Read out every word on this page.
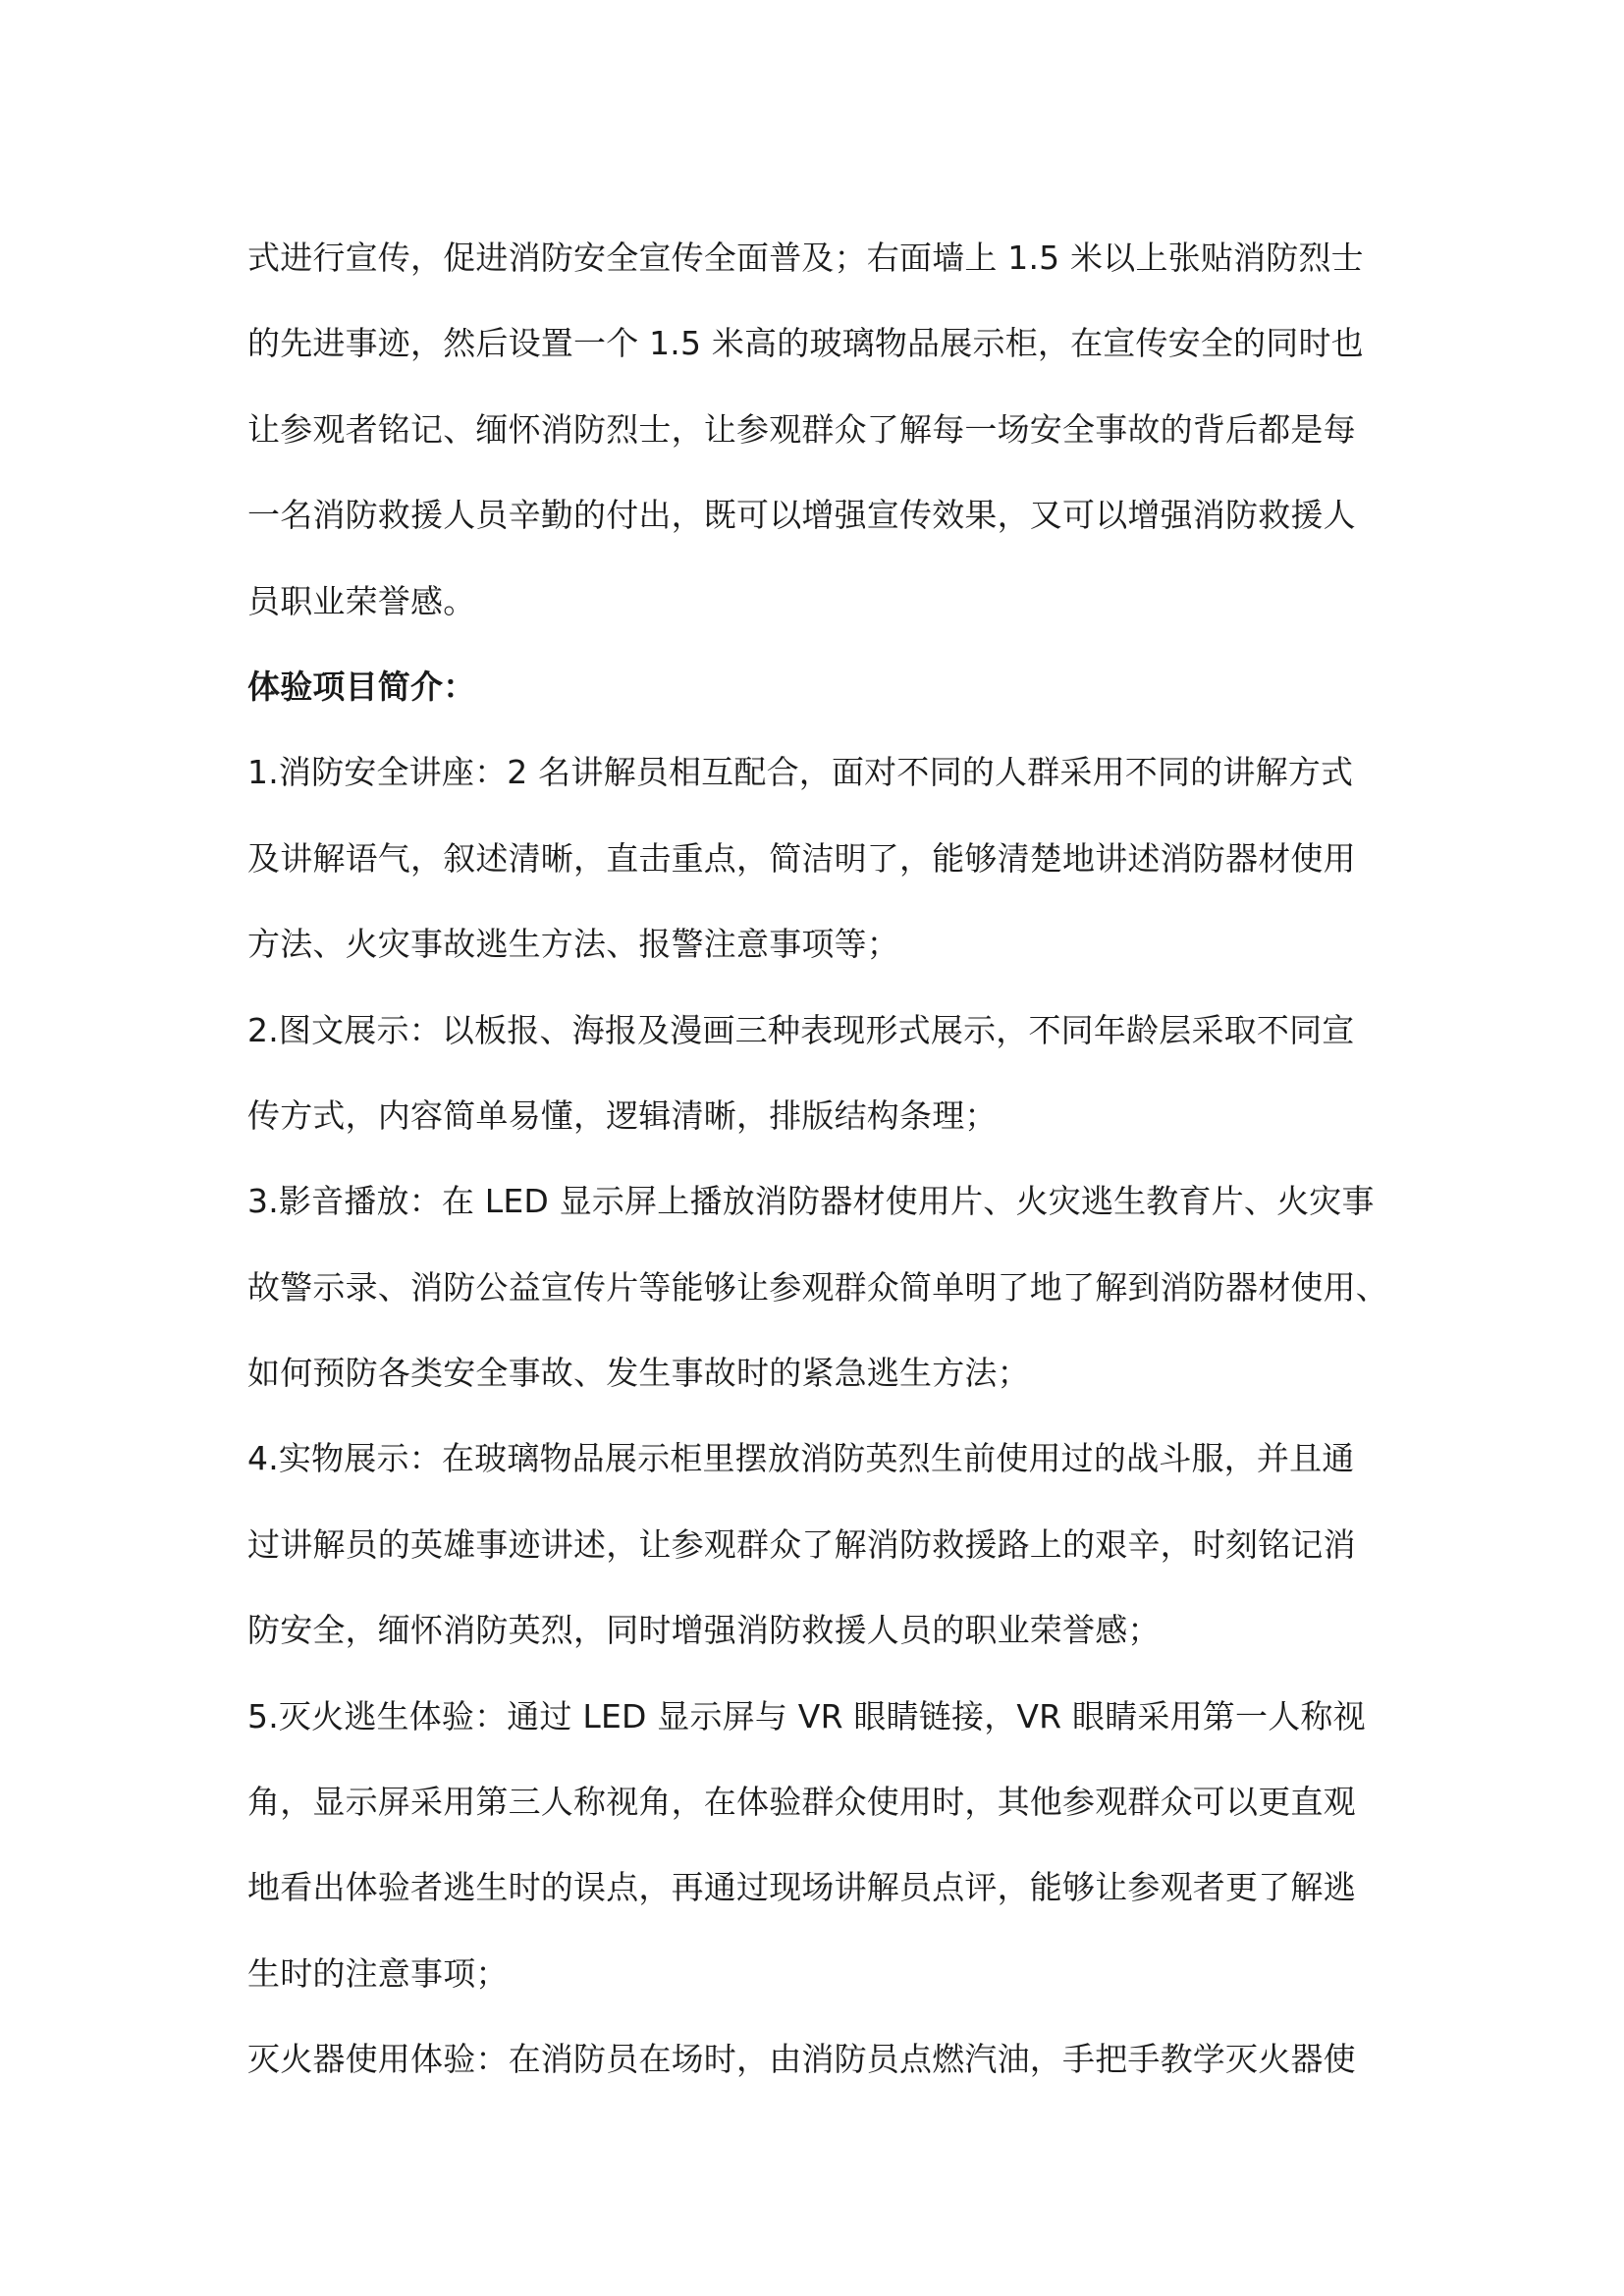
式进行宣传，促进消防安全宣传全面普及；右面墙上 1.5 米以上张贴消防烈士
的先进事迹，然后设置一个 1.5 米高的玻璃物品展示柜，在宣传安全的同时也
让参观者铭记、缅怀消防烈士，让参观群众了解每一场安全事故的背后都是每
一名消防救援人员辛勤的付出，既可以增强宣传效果，又可以增强消防救援人
员职业荣誉感。
体验项目简介：
1.消防安全讲座：2 名讲解员相互配合，面对不同的人群采用不同的讲解方式
及讲解语气，叙述清晰，直击重点，简洁明了，能够清楚地讲述消防器材使用
方法、火灾事故逃生方法、报警注意事项等；
2.图文展示：以板报、海报及漫画三种表现形式展示，不同年龄层采取不同宣
传方式，内容简单易懂，逻辑清晰，排版结构条理；
3.影音播放：在 LED 显示屏上播放消防器材使用片、火灾逃生教育片、火灾事
故警示录、消防公益宣传片等能够让参观群众简单明了地了解到消防器材使用、
如何预防各类安全事故、发生事故时的紧急逃生方法；
4.实物展示：在玻璃物品展示柜里摆放消防英烈生前使用过的战斗服，并且通
过讲解员的英雄事迹讲述，让参观群众了解消防救援路上的艰辛，时刻铭记消
防安全，缅怀消防英烈，同时增强消防救援人员的职业荣誉感；
5.灭火逃生体验：通过 LED 显示屏与 VR 眼睛链接，VR 眼睛采用第一人称视
角，显示屏采用第三人称视角，在体验群众使用时，其他参观群众可以更直观
地看出体验者逃生时的误点，再通过现场讲解员点评，能够让参观者更了解逃
生时的注意事项；
灭火器使用体验：在消防员在场时，由消防员点燃汽油，手把手教学灭火器使
